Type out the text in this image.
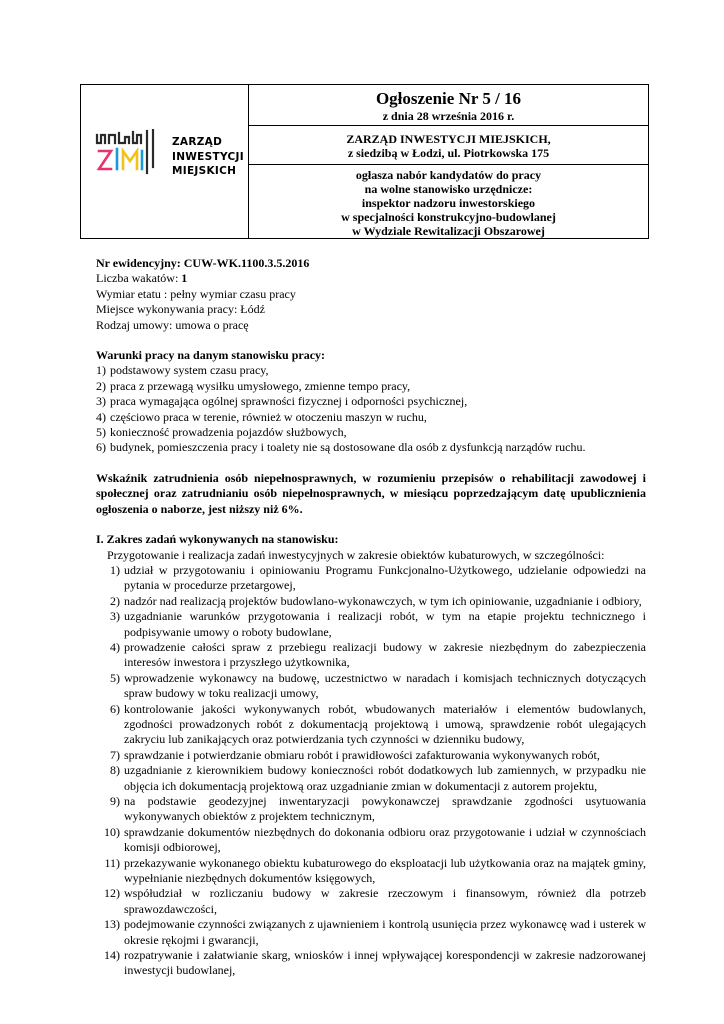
ZARZĄD
INWESTYCJI
MIEJSKICH
Ogłoszenie Nr 5 / 16
z dnia 28 września 2016 r.
ZARZĄD INWESTYCJI MIEJSKICH,
z siedzibą w Łodzi, ul. Piotrkowska 175
ogłasza nabór kandydatów do pracy
na wolne stanowisko urzędnicze:
inspektor nadzoru inwestorskiego
w specjalności konstrukcyjno-budowlanej
w Wydziale Rewitalizacji Obszarowej

Nr ewidencyjny: CUW-WK.1100.3.5.2016

Liczba wakatów: 1

Wymiar etatu : pełny wymiar czasu pracy

Miejsce wykonywania pracy: Łódź

Rodzaj umowy: umowa o pracę

Warunki pracy na danym stanowisku pracy:

1) podstawowy system czasu pracy,
2) praca z przewagą wysiłku umysłowego, zmienne tempo pracy,
3) praca wymagająca ogólnej sprawności fizycznej i odporności psychicznej,
4) częściowo praca w terenie, również w otoczeniu maszyn w ruchu,
5) konieczność prowadzenia pojazdów służbowych,
6) budynek, pomieszczenia pracy i toalety nie są dostosowane dla osób z dysfunkcją narządów ruchu.

Wskaźnik zatrudnienia osób niepełnosprawnych, w rozumieniu przepisów o rehabilitacji zawodowej i społecznej oraz zatrudnianiu osób niepełnosprawnych, w miesiącu poprzedzającym datę upublicznienia ogłoszenia o naborze, jest niższy niż 6%.

I. Zakres zadań wykonywanych na stanowisku:

Przygotowanie i realizacja zadań inwestycyjnych w zakresie obiektów kubaturowych, w szczególności:

1) udział w przygotowaniu i opiniowaniu Programu Funkcjonalno-Użytkowego, udzielanie odpowiedzi na pytania w procedurze przetargowej,
2) nadzór nad realizacją projektów budowlano-wykonawczych, w tym ich opiniowanie, uzgadnianie i odbiory,
3) uzgadnianie warunków przygotowania i realizacji robót, w tym na etapie projektu technicznego i podpisywanie umowy o roboty budowlane,
4) prowadzenie całości spraw z przebiegu realizacji budowy w zakresie niezbędnym do zabezpieczenia interesów inwestora i przyszłego użytkownika,
5) wprowadzenie wykonawcy na budowę, uczestnictwo w naradach i komisjach technicznych dotyczących spraw budowy w toku realizacji umowy,
6) kontrolowanie jakości wykonywanych robót, wbudowanych materiałów i elementów budowlanych, zgodności prowadzonych robót z dokumentacją projektową i umową, sprawdzenie robót ulegających zakryciu lub zanikających oraz potwierdzania tych czynności w dzienniku budowy,
7) sprawdzanie i potwierdzanie obmiaru robót i prawidłowości zafakturowania wykonywanych robót,
8) uzgadnianie z kierownikiem budowy konieczności robót dodatkowych lub zamiennych, w przypadku nie objęcia ich dokumentacją projektową oraz uzgadnianie zmian w dokumentacji z autorem projektu,
9) na podstawie geodezyjnej inwentaryzacji powykonawczej sprawdzanie zgodności usytuowania wykonywanych obiektów z projektem technicznym,
10) sprawdzanie dokumentów niezbędnych do dokonania odbioru oraz przygotowanie i udział w czynnościach komisji odbiorowej,
11) przekazywanie wykonanego obiektu kubaturowego do eksploatacji lub użytkowania oraz na majątek gminy, wypełnianie niezbędnych dokumentów księgowych,
12) współudział w rozliczaniu budowy w zakresie rzeczowym i finansowym, również dla potrzeb sprawozdawczości,
13) podejmowanie czynności związanych z ujawnieniem i kontrolą usunięcia przez wykonawcę wad i usterek w okresie rękojmi i gwarancji,
14) rozpatrywanie i załatwianie skarg, wniosków i innej wpływającej korespondencji w zakresie nadzorowanej inwestycji budowlanej,
